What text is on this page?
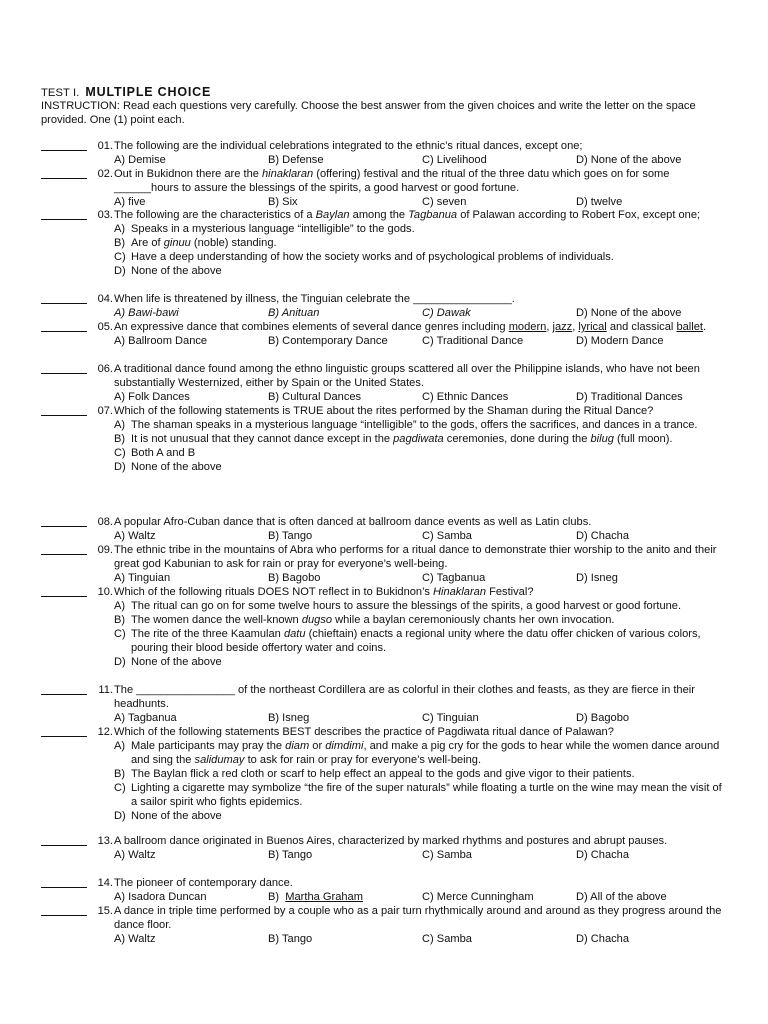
TEST I. MULTIPLE CHOICE
INSTRUCTION: Read each questions very carefully. Choose the best answer from the given choices and write the letter on the space provided. One (1) point each.
01. The following are the individual celebrations integrated to the ethnic’s ritual dances, except one;
A) Demise	B) Defense	C) Livelihood	D) None of the above
02. Out in Bukidnon there are the hinaklaran (offering) festival and the ritual of the three datu which goes on for some ______hours to assure the blessings of the spirits, a good harvest or good fortune.
A) five	B) Six	C) seven	D) twelve
03. The following are the characteristics of a Baylan among the Tagbanua of Palawan according to Robert Fox, except one;
A) Speaks in a mysterious language “intelligible” to the gods.
B) Are of ginuu (noble) standing.
C) Have a deep understanding of how the society works and of psychological problems of individuals.
D) None of the above
04. When life is threatened by illness, the Tinguian celebrate the ________________.
A) Bawi-bawi	B) Anituan	C) Dawak	D) None of the above
05. An expressive dance that combines elements of several dance genres including modern, jazz, lyrical and classical ballet.
A) Ballroom Dance	B) Contemporary Dance	C) Traditional Dance	D) Modern Dance
06. A traditional dance found among the ethno linguistic groups scattered all over the Philippine islands, who have not been substantially Westernized, either by Spain or the United States.
A) Folk Dances	B) Cultural Dances	C) Ethnic Dances	D) Traditional Dances
07. Which of the following statements is TRUE about the rites performed by the Shaman during the Ritual Dance?
A) The shaman speaks in a mysterious language “intelligible” to the gods, offers the sacrifices, and dances in a trance.
B) It is not unusual that they cannot dance except in the pagdiwata ceremonies, done during the bilug (full moon).
C) Both A and B
D) None of the above
08. A popular Afro-Cuban dance that is often danced at ballroom dance events as well as Latin clubs.
A) Waltz	B) Tango	C) Samba	D) Chacha
09. The ethnic tribe in the mountains of Abra who performs for a ritual dance to demonstrate thier worship to the anito and their great god Kabunian to ask for rain or pray for everyone’s well-being.
A) Tinguian	B) Bagobo	C) Tagbanua	D) Isneg
10. Which of the following rituals DOES NOT reflect in to Bukidnon’s Hinaklaran Festival?
A) The ritual can go on for some twelve hours to assure the blessings of the spirits, a good harvest or good fortune.
B) The women dance the well-known dugso while a baylan ceremoniously chants her own invocation.
C) The rite of the three Kaamulan datu (chieftain) enacts a regional unity where the datu offer chicken of various colors, pouring their blood beside offertory water and coins.
D) None of the above
11. The ________________ of the northeast Cordillera are as colorful in their clothes and feasts, as they are fierce in their headhunts.
A) Tagbanua	B) Isneg	C) Tinguian	D) Bagobo
12. Which of the following statements BEST describes the practice of Pagdiwata ritual dance of Palawan?
A) Male participants may pray the diam or dimdimi, and make a pig cry for the gods to hear while the women dance around and sing the salidumay to ask for rain or pray for everyone’s well-being.
B) The Baylan flick a red cloth or scarf to help effect an appeal to the gods and give vigor to their patients.
C) Lighting a cigarette may symbolize “the fire of the super naturals” while floating a turtle on the wine may mean the visit of a sailor spirit who fights epidemics.
D) None of the above
13. A ballroom dance originated in Buenos Aires, characterized by marked rhythms and postures and abrupt pauses.
A) Waltz	B) Tango	C) Samba	D) Chacha
14. The pioneer of contemporary dance.
A) Isadora Duncan	B)  Martha Graham	C) Merce Cunningham	D) All of the above
15. A dance in triple time performed by a couple who as a pair turn rhythmically around and around as they progress around the dance floor.
A) Waltz	B) Tango	C) Samba	D) Chacha
